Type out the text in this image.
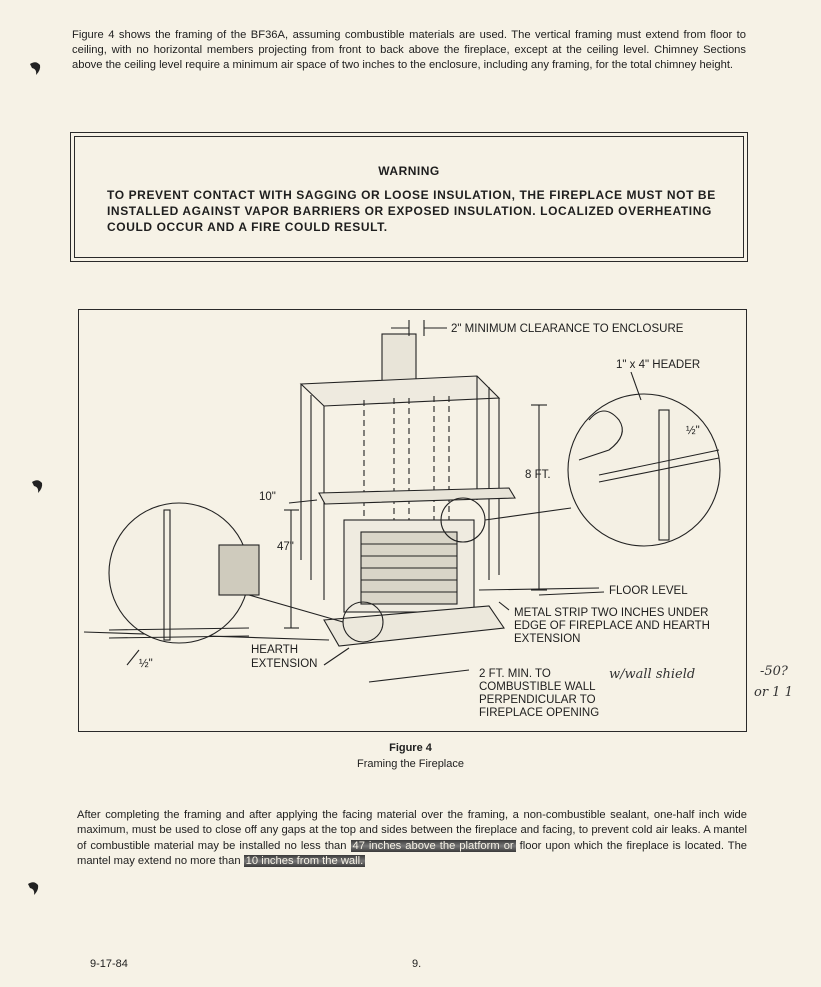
Figure 4 shows the framing of the BF36A, assuming combustible materials are used. The vertical framing must extend from floor to ceiling, with no horizontal members projecting from front to back above the fireplace, except at the ceiling level. Chimney Sections above the ceiling level require a minimum air space of two inches to the enclosure, including any framing, for the total chimney height.

WARNING

TO PREVENT CONTACT WITH SAGGING OR LOOSE INSULATION, THE FIREPLACE MUST NOT BE INSTALLED AGAINST VAPOR BARRIERS OR EXPOSED INSULATION. LOCALIZED OVERHEATING COULD OCCUR AND A FIRE COULD RESULT.

2" MINIMUM CLEARANCE TO ENCLOSURE
1" x 4" HEADER
½"
8 FT.
10"
47"
FLOOR LEVEL
METAL STRIP TWO INCHES UNDER
EDGE OF FIREPLACE AND HEARTH
EXTENSION
HEARTH
EXTENSION
½"
2 FT. MIN. TO
COMBUSTIBLE WALL
PERPENDICULAR TO
FIREPLACE OPENING
w/wall shield	-50?
or 1 1
Figure 4
Framing the Fireplace

After completing the framing and after applying the facing material over the framing, a non-combustible sealant, one-half inch wide maximum, must be used to close off any gaps at the top and sides between the fireplace and facing, to prevent cold air leaks. A mantel of combustible material may be installed no less than 47 inches above the platform or floor upon which the fireplace is located. The mantel may extend no more than 10 inches from the wall.

9-17-84	9.
